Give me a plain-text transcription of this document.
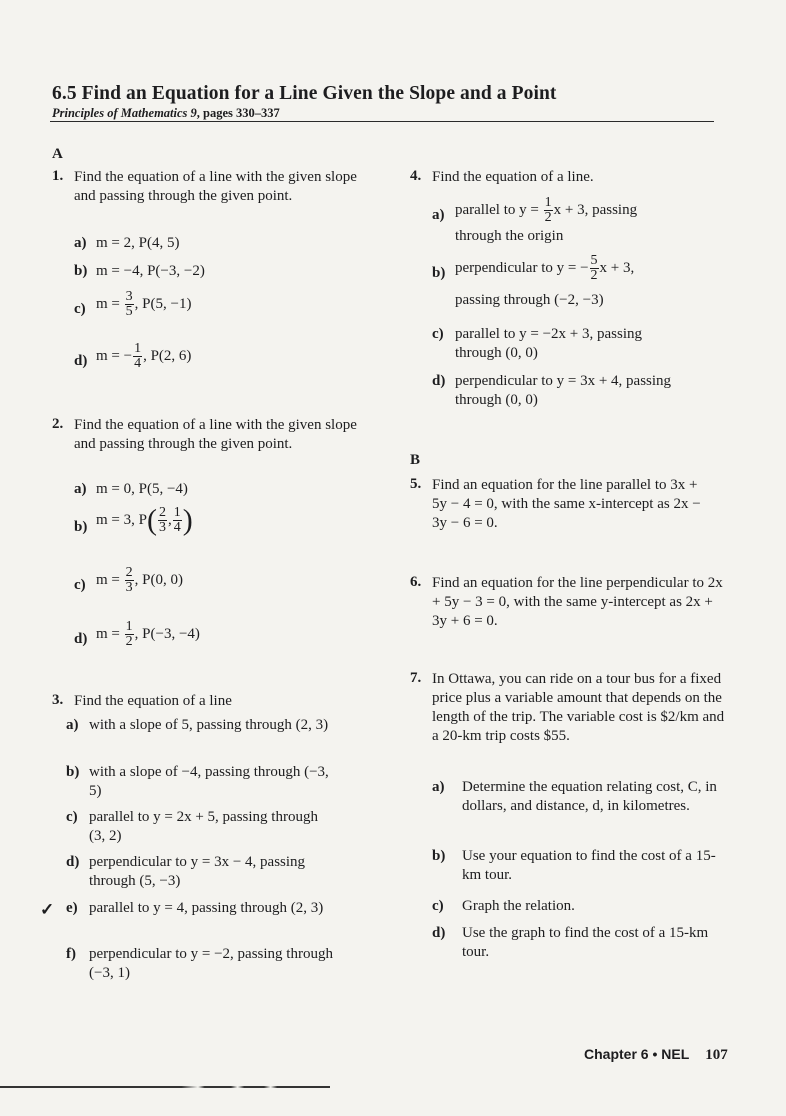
6.5 Find an Equation for a Line Given the Slope and a Point
Principles of Mathematics 9, pages 330–337
A
1. Find the equation of a line with the given slope and passing through the given point.
a) m = 2, P(4, 5)
b) m = −4, P(−3, −2)
c) $m = \frac{3}{5}$ , P(5, −1)
d) m = − $\frac{1}{4}$ , P(2, 6)
2. Find the equation of a line with the given slope and passing through the given point.
a) m = 0, P(5, −4)
b) m = 3, $P( \frac{2}{3}$ , $\frac{1}{4}$ )
c) $m = \frac{2}{3}$ , P(0, 0)
d) $m = \frac{1}{2}$ , P(−3, −4)
3. Find the equation of a line
a) with a slope of 5, passing through (2, 3)
b) with a slope of −4, passing through (−3, 5)
c) parallel to y = 2x + 5, passing through (3, 2)
d) perpendicular to y = 3x − 4, passing through (5, −3)
e) parallel to y = 4, passing through (2, 3)
f) perpendicular to y = −2, passing through (−3, 1)
✓
4. Find the equation of a line.
a) parallel to $y = \frac{1}{2}$ x + 3, passing
through the origin
b) perpendicular to y = − $\frac{5}{2}$ x + 3,
passing through (−2, −3)
c) parallel to y = −2x + 3, passing through (0, 0)
d) perpendicular to y = 3x + 4, passing through (0, 0)
B
5. Find an equation for the line parallel to 3x + 5y − 4 = 0, with the same x-intercept as 2x − 3y − 6 = 0.
6. Find an equation for the line perpendicular to 2x + 5y − 3 = 0, with the same y-intercept as 2x + 3y + 6 = 0.
7. In Ottawa, you can ride on a tour bus for a fixed price plus a variable amount that depends on the length of the trip. The variable cost is $2/km and a 20-km trip costs $55.
a) Determine the equation relating cost, C, in dollars, and distance, d, in kilometres.
b) Use your equation to find the cost of a 15-km tour.
c) Graph the relation.
d) Use the graph to find the cost of a 15-km tour.
Chapter 6 • NEL 107
